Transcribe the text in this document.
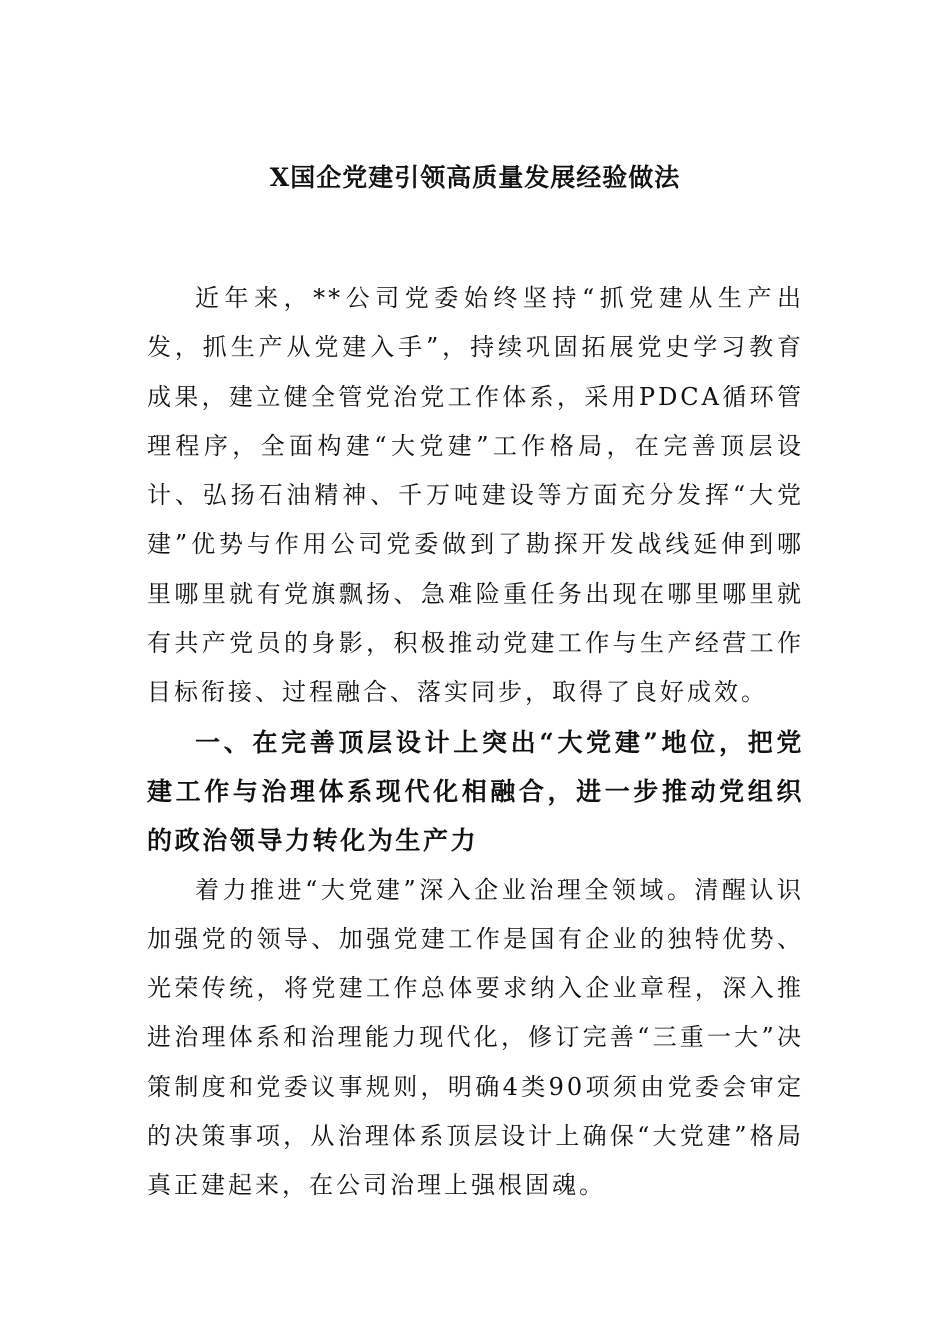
X国企党建引领高质量发展经验做法

近年来，**公司党委始终坚持“抓党建从生产出发，抓生产从党建入手”，持续巩固拓展党史学习教育成果，建立健全管党治党工作体系，采用PDCA循环管理程序，全面构建“大党建”工作格局，在完善顶层设计、弘扬石油精神、千万吨建设等方面充分发挥“大党建”优势与作用公司党委做到了勘探开发战线延伸到哪里哪里就有党旗飘扬、急难险重任务出现在哪里哪里就有共产党员的身影，积极推动党建工作与生产经营工作目标衔接、过程融合、落实同步，取得了良好成效。

一、在完善顶层设计上突出“大党建”地位，把党建工作与治理体系现代化相融合，进一步推动党组织的政治领导力转化为生产力

着力推进“大党建”深入企业治理全领域。清醒认识加强党的领导、加强党建工作是国有企业的独特优势、光荣传统，将党建工作总体要求纳入企业章程，深入推进治理体系和治理能力现代化，修订完善“三重一大”决策制度和党委议事规则，明确4类90项须由党委会审定的决策事项，从治理体系顶层设计上确保“大党建”格局真正建起来，在公司治理上强根固魂。
